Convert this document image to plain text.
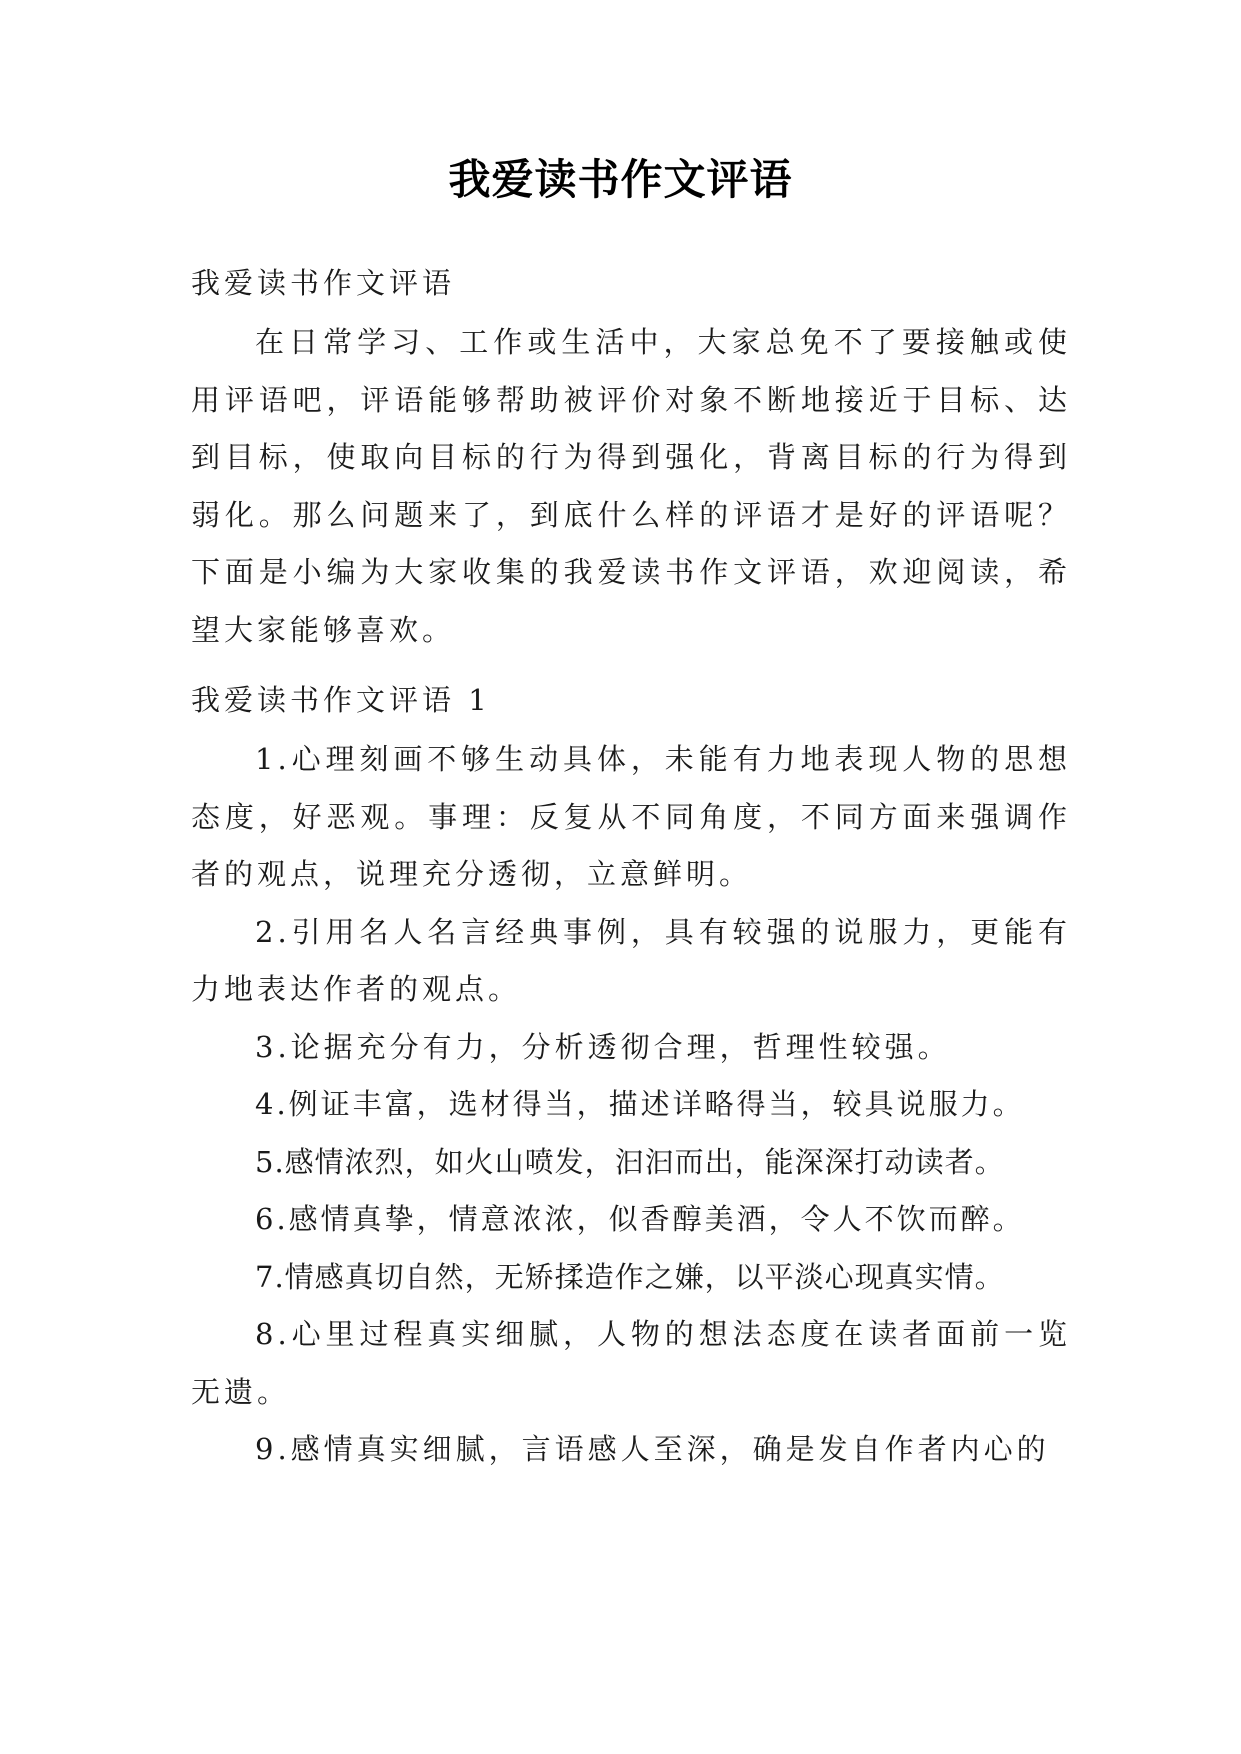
我爱读书作文评语

我爱读书作文评语

在日常学习、工作或生活中，大家总免不了要接触或使用评语吧，评语能够帮助被评价对象不断地接近于目标、达到目标，使取向目标的行为得到强化，背离目标的行为得到弱化。那么问题来了，到底什么样的评语才是好的评语呢？下面是小编为大家收集的我爱读书作文评语，欢迎阅读，希望大家能够喜欢。

我爱读书作文评语 1

1.心理刻画不够生动具体，未能有力地表现人物的思想态度，好恶观。事理：反复从不同角度，不同方面来强调作者的观点，说理充分透彻，立意鲜明。

2.引用名人名言经典事例，具有较强的说服力，更能有力地表达作者的观点。

3.论据充分有力，分析透彻合理，哲理性较强。

4.例证丰富，选材得当，描述详略得当，较具说服力。

5.感情浓烈，如火山喷发，汩汩而出，能深深打动读者。

6.感情真挚，情意浓浓，似香醇美酒，令人不饮而醉。

7.情感真切自然，无矫揉造作之嫌，以平淡心现真实情。

8.心里过程真实细腻，人物的想法态度在读者面前一览无遗。

9.感情真实细腻，言语感人至深，确是发自作者内心的
